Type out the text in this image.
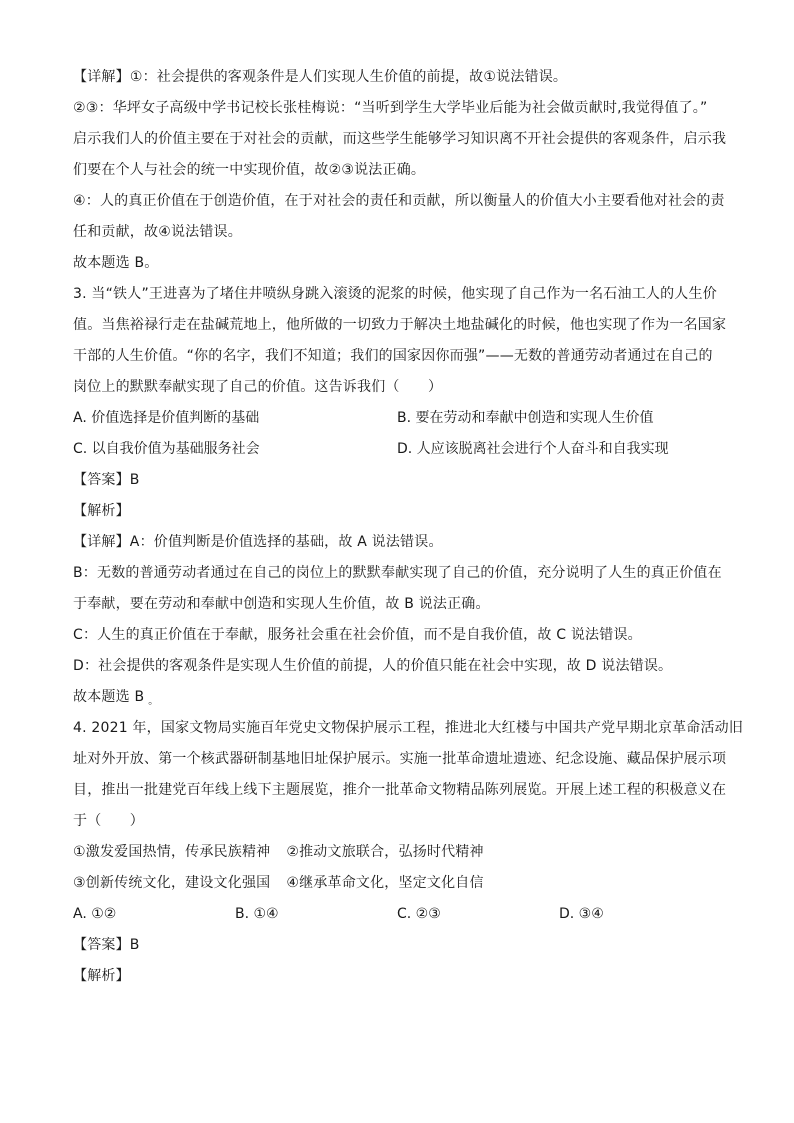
【详解】①：社会提供的客观条件是人们实现人生价值的前提，故①说法错误。
②③：华坪女子高级中学书记校长张桂梅说：“当听到学生大学毕业后能为社会做贡献时,我觉得值了。”
启示我们人的价值主要在于对社会的贡献，而这些学生能够学习知识离不开社会提供的客观条件，启示我
们要在个人与社会的统一中实现价值，故②③说法正确。
④：人的真正价值在于创造价值，在于对社会的责任和贡献，所以衡量人的价值大小主要看他对社会的责
任和贡献，故④说法错误。
故本题选 B。
3. 当“铁人”王进喜为了堵住井喷纵身跳入滚烫的泥浆的时候，他实现了自己作为一名石油工人的人生价
值。当焦裕禄行走在盐碱荒地上，他所做的一切致力于解决土地盐碱化的时候，他也实现了作为一名国家
干部的人生价值。“你的名字，我们不知道；我们的国家因你而强”——无数的普通劳动者通过在自己的
岗位上的默默奉献实现了自己的价值。这告诉我们（　　）
A. 价值选择是价值判断的基础	B. 要在劳动和奉献中创造和实现人生价值
C. 以自我价值为基础服务社会	D. 人应该脱离社会进行个人奋斗和自我实现
【答案】B
【解析】
【详解】A：价值判断是价值选择的基础，故 A 说法错误。
B：无数的普通劳动者通过在自己的岗位上的默默奉献实现了自己的价值，充分说明了人生的真正价值在
于奉献，要在劳动和奉献中创造和实现人生价值，故 B 说法正确。
C：人生的真正价值在于奉献，服务社会重在社会价值，而不是自我价值，故 C 说法错误。
D：社会提供的客观条件是实现人生价值的前提，人的价值只能在社会中实现，故 D 说法错误。
故本题选 B 。
4. 2021 年，国家文物局实施百年党史文物保护展示工程，推进北大红楼与中国共产党早期北京革命活动旧
址对外开放、第一个核武器研制基地旧址保护展示。实施一批革命遗址遗迹、纪念设施、藏品保护展示项
目，推出一批建党百年线上线下主题展览，推介一批革命文物精品陈列展览。开展上述工程的积极意义在
于（　　）
①激发爱国热情，传承民族精神 ②推动文旅联合，弘扬时代精神
③创新传统文化，建设文化强国 ④继承革命文化，坚定文化自信
A. ①②	B. ①④	C. ②③	D. ③④
【答案】B
【解析】
